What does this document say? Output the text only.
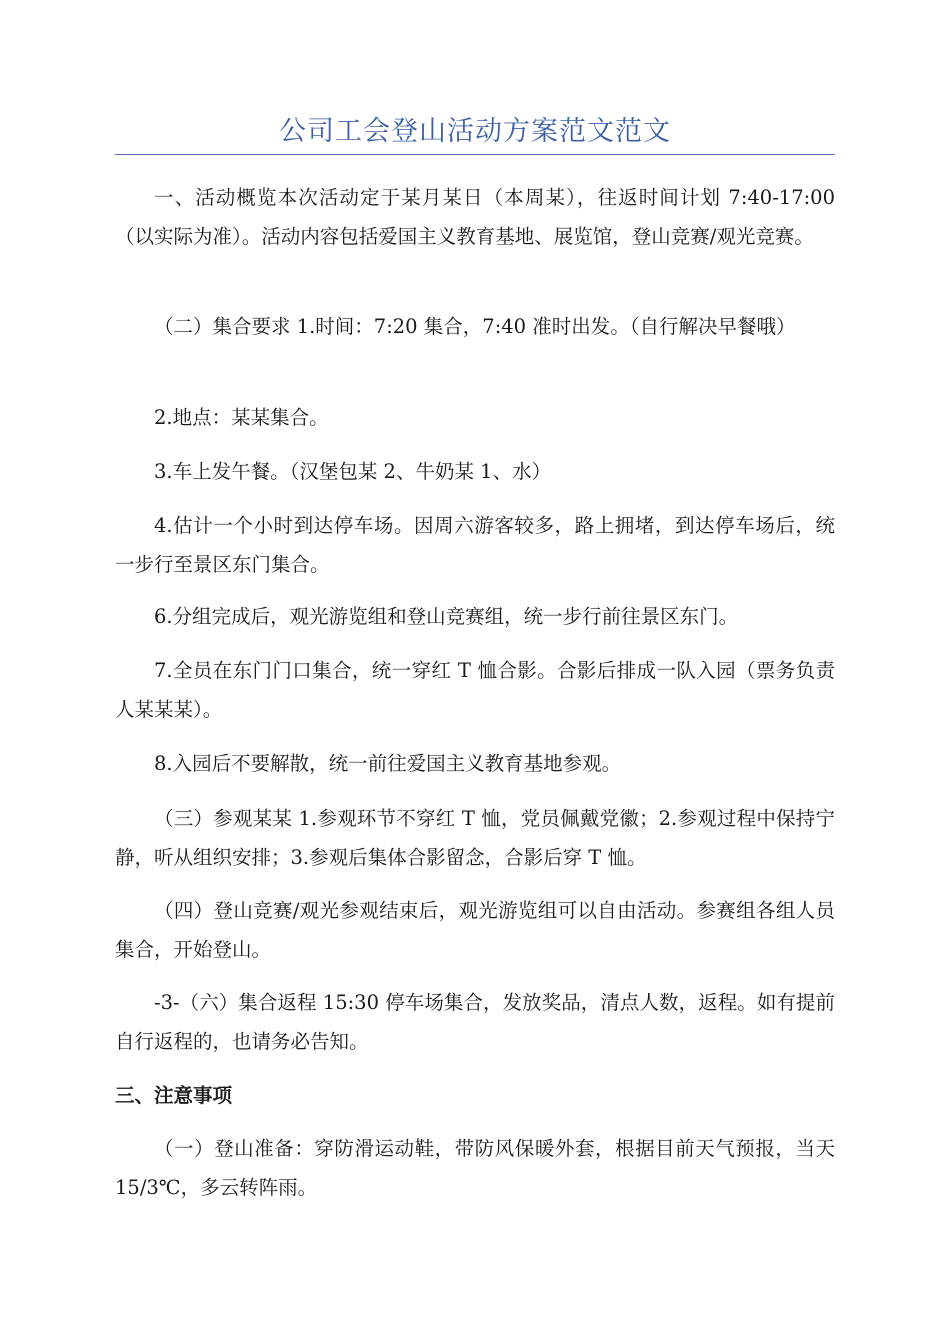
公司工会登山活动方案范文范文

一、活动概览本次活动定于某月某日（本周某），往返时间计划 7:40-17:00（以实际为准）。活动内容包括爱国主义教育基地、展览馆，登山竞赛/观光竞赛。

（二）集合要求 1.时间：7:20 集合，7:40 准时出发。（自行解决早餐哦）

2.地点：某某集合。

3.车上发午餐。（汉堡包某 2、牛奶某 1、水）

4.估计一个小时到达停车场。因周六游客较多，路上拥堵，到达停车场后，统一步行至景区东门集合。

6.分组完成后，观光游览组和登山竞赛组，统一步行前往景区东门。

7.全员在东门门口集合，统一穿红 T 恤合影。合影后排成一队入园（票务负责人某某某）。

8.入园后不要解散，统一前往爱国主义教育基地参观。

（三）参观某某 1.参观环节不穿红 T 恤，党员佩戴党徽；2.参观过程中保持宁静，听从组织安排；3.参观后集体合影留念，合影后穿 T 恤。

（四）登山竞赛/观光参观结束后，观光游览组可以自由活动。参赛组各组人员集合，开始登山。

-3-（六）集合返程 15:30 停车场集合，发放奖品，清点人数，返程。如有提前自行返程的，也请务必告知。

三、注意事项

（一）登山准备：穿防滑运动鞋，带防风保暖外套，根据目前天气预报，当天 15/3℃，多云转阵雨。
